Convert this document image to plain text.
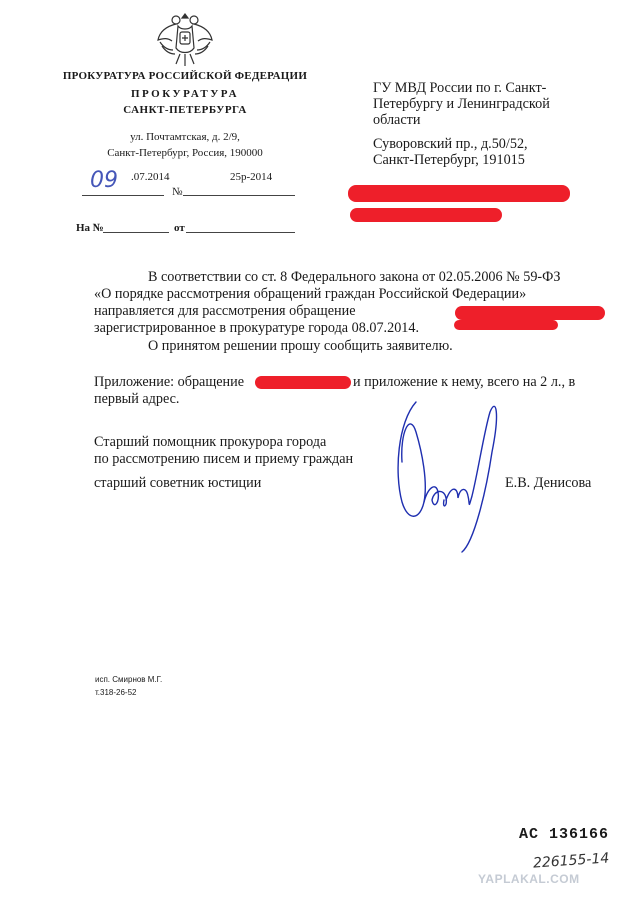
ПРОКУРАТУРА РОССИЙСКОЙ ФЕДЕРАЦИИ
ПРОКУРАТУРА
САНКТ-ПЕТЕРБУРГА
ул. Почтамтская, д. 2/9,
Санкт-Петербург, Россия, 190000
09 .07.2014	25р-2014
№
На №	от
ГУ МВД России по г. Санкт-
Петербургу и Ленинградской
области
Суворовский пр., д.50/52,
Санкт-Петербург, 191015
В соответствии со ст. 8 Федерального закона от 02.05.2006 № 59-ФЗ
«О порядке рассмотрения обращений граждан Российской Федерации»
направляется для рассмотрения обращение
зарегистрированное в прокуратуре города 08.07.2014.
О принятом решении прошу сообщить заявителю.
Приложение: обращение	и приложение к нему, всего на 2 л., в
первый адрес.
Старший помощник прокурора города
по рассмотрению писем и приему граждан
старший советник юстиции	Е.В. Денисова
исп. Смирнов М.Г.
т.318-26-52
АС 136166
226155-14
YAPLAKAL.COM
